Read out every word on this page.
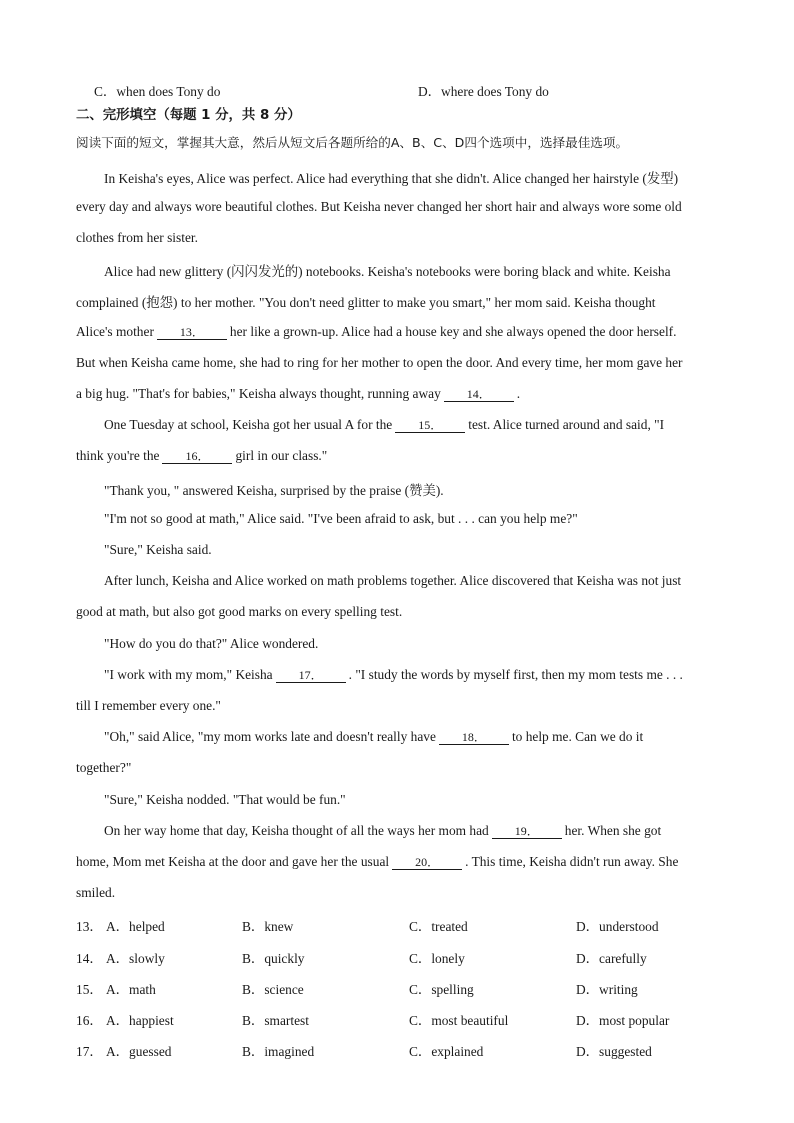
C．when does Tony do	D．where does Tony do
二、完形填空（每题 1 分，共 8 分）
阅读下面的短文，掌握其大意，然后从短文后各题所给的A、B、C、D四个选项中，选择最佳选项。
In Keisha's eyes, Alice was perfect. Alice had everything that she didn't. Alice changed her hairstyle (发型)
every day and always wore beautiful clothes. But Keisha never changed her short hair and always wore some old
clothes from her sister.
Alice had new glittery (闪闪发光的) notebooks. Keisha's notebooks were boring black and white. Keisha
complained (抱怨) to her mother. "You don't need glitter to make you smart," her mom said. Keisha thought
Alice's mother 13． her like a grown-up. Alice had a house key and she always opened the door herself.
But when Keisha came home, she had to ring for her mother to open the door. And every time, her mom gave her
a big hug. "That's for babies," Keisha always thought, running away 14． .
One Tuesday at school, Keisha got her usual A for the 15． test. Alice turned around and said, "I
think you're the 16． girl in our class."
"Thank you, " answered Keisha, surprised by the praise (赞美).
"I'm not so good at math," Alice said. "I've been afraid to ask, but . . . can you help me?"
"Sure," Keisha said.
After lunch, Keisha and Alice worked on math problems together. Alice discovered that Keisha was not just
good at math, but also got good marks on every spelling test.
"How do you do that?" Alice wondered.
"I work with my mom," Keisha 17． . "I study the words by myself first, then my mom tests me . . .
till I remember every one."
"Oh," said Alice, "my mom works late and doesn't really have 18． to help me. Can we do it
together?"
"Sure," Keisha nodded. "That would be fun."
On her way home that day, Keisha thought of all the ways her mom had 19． her. When she got
home, Mom met Keisha at the door and gave her the usual 20． . This time, Keisha didn't run away. She
smiled.
13． A．helped	B．knew	C．treated	D．understood
14． A．slowly	B．quickly	C．lonely	D．carefully
15． A．math	B．science	C．spelling	D．writing
16． A．happiest	B．smartest	C．most beautiful	D．most popular
17． A．guessed	B．imagined	C．explained	D．suggested
